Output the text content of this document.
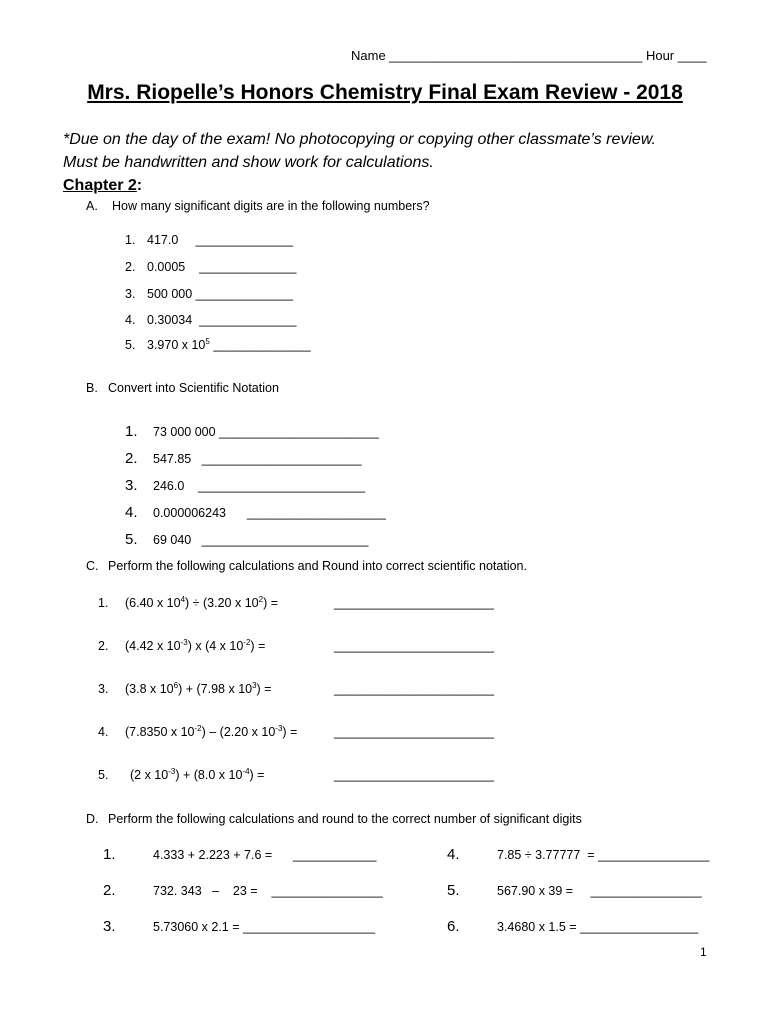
Name ___________________________________ Hour ____
Mrs. Riopelle’s Honors Chemistry Final Exam Review - 2018
*Due on the day of the exam! No photocopying or copying other classmate’s review.
Must be handwritten and show work for calculations.
Chapter 2:
A. How many significant digits are in the following numbers?
1. 417.0     ______________
2. 0.0005    ______________
3. 500 000 ______________
4. 0.30034  ______________
5. 3.970 x $10^5$ ______________
B. Convert into Scientific Notation
1. 73 000 000 _______________________
2. 547.85   _______________________
3. 246.0    ________________________
4. 0.000006243      ____________________
5. 69 040   ________________________
C. Perform the following calculations and Round into correct scientific notation.
1. (6.40 x $10^4) \div (3.20$ x $10^2$) =	_______________________
2. (4.42 x $10^{-3}$) x (4 x $10^{-2}$) =	_______________________
3. (3.8 x $10^6) + (7.98$ x $10^3$) =	_______________________
4. (7.8350 x $10^{-2}) - (2.20$ x $10^{-3}$) =	_______________________
5. (2 x $10^{-3}) + (8.0$ x $10^{-4}$) =	_______________________
D. Perform the following calculations and round to the correct number of significant digits
1.	4.333 + 2.223 + 7.6 =      ____________
2.	732. 343   –    23 =    ________________
3.	5.73060 x 2.1 = ___________________
4.	7.85 ÷ 3.77777  = ________________
5.	567.90 x 39 =     ________________
6.	3.4680 x 1.5 = _________________
1
